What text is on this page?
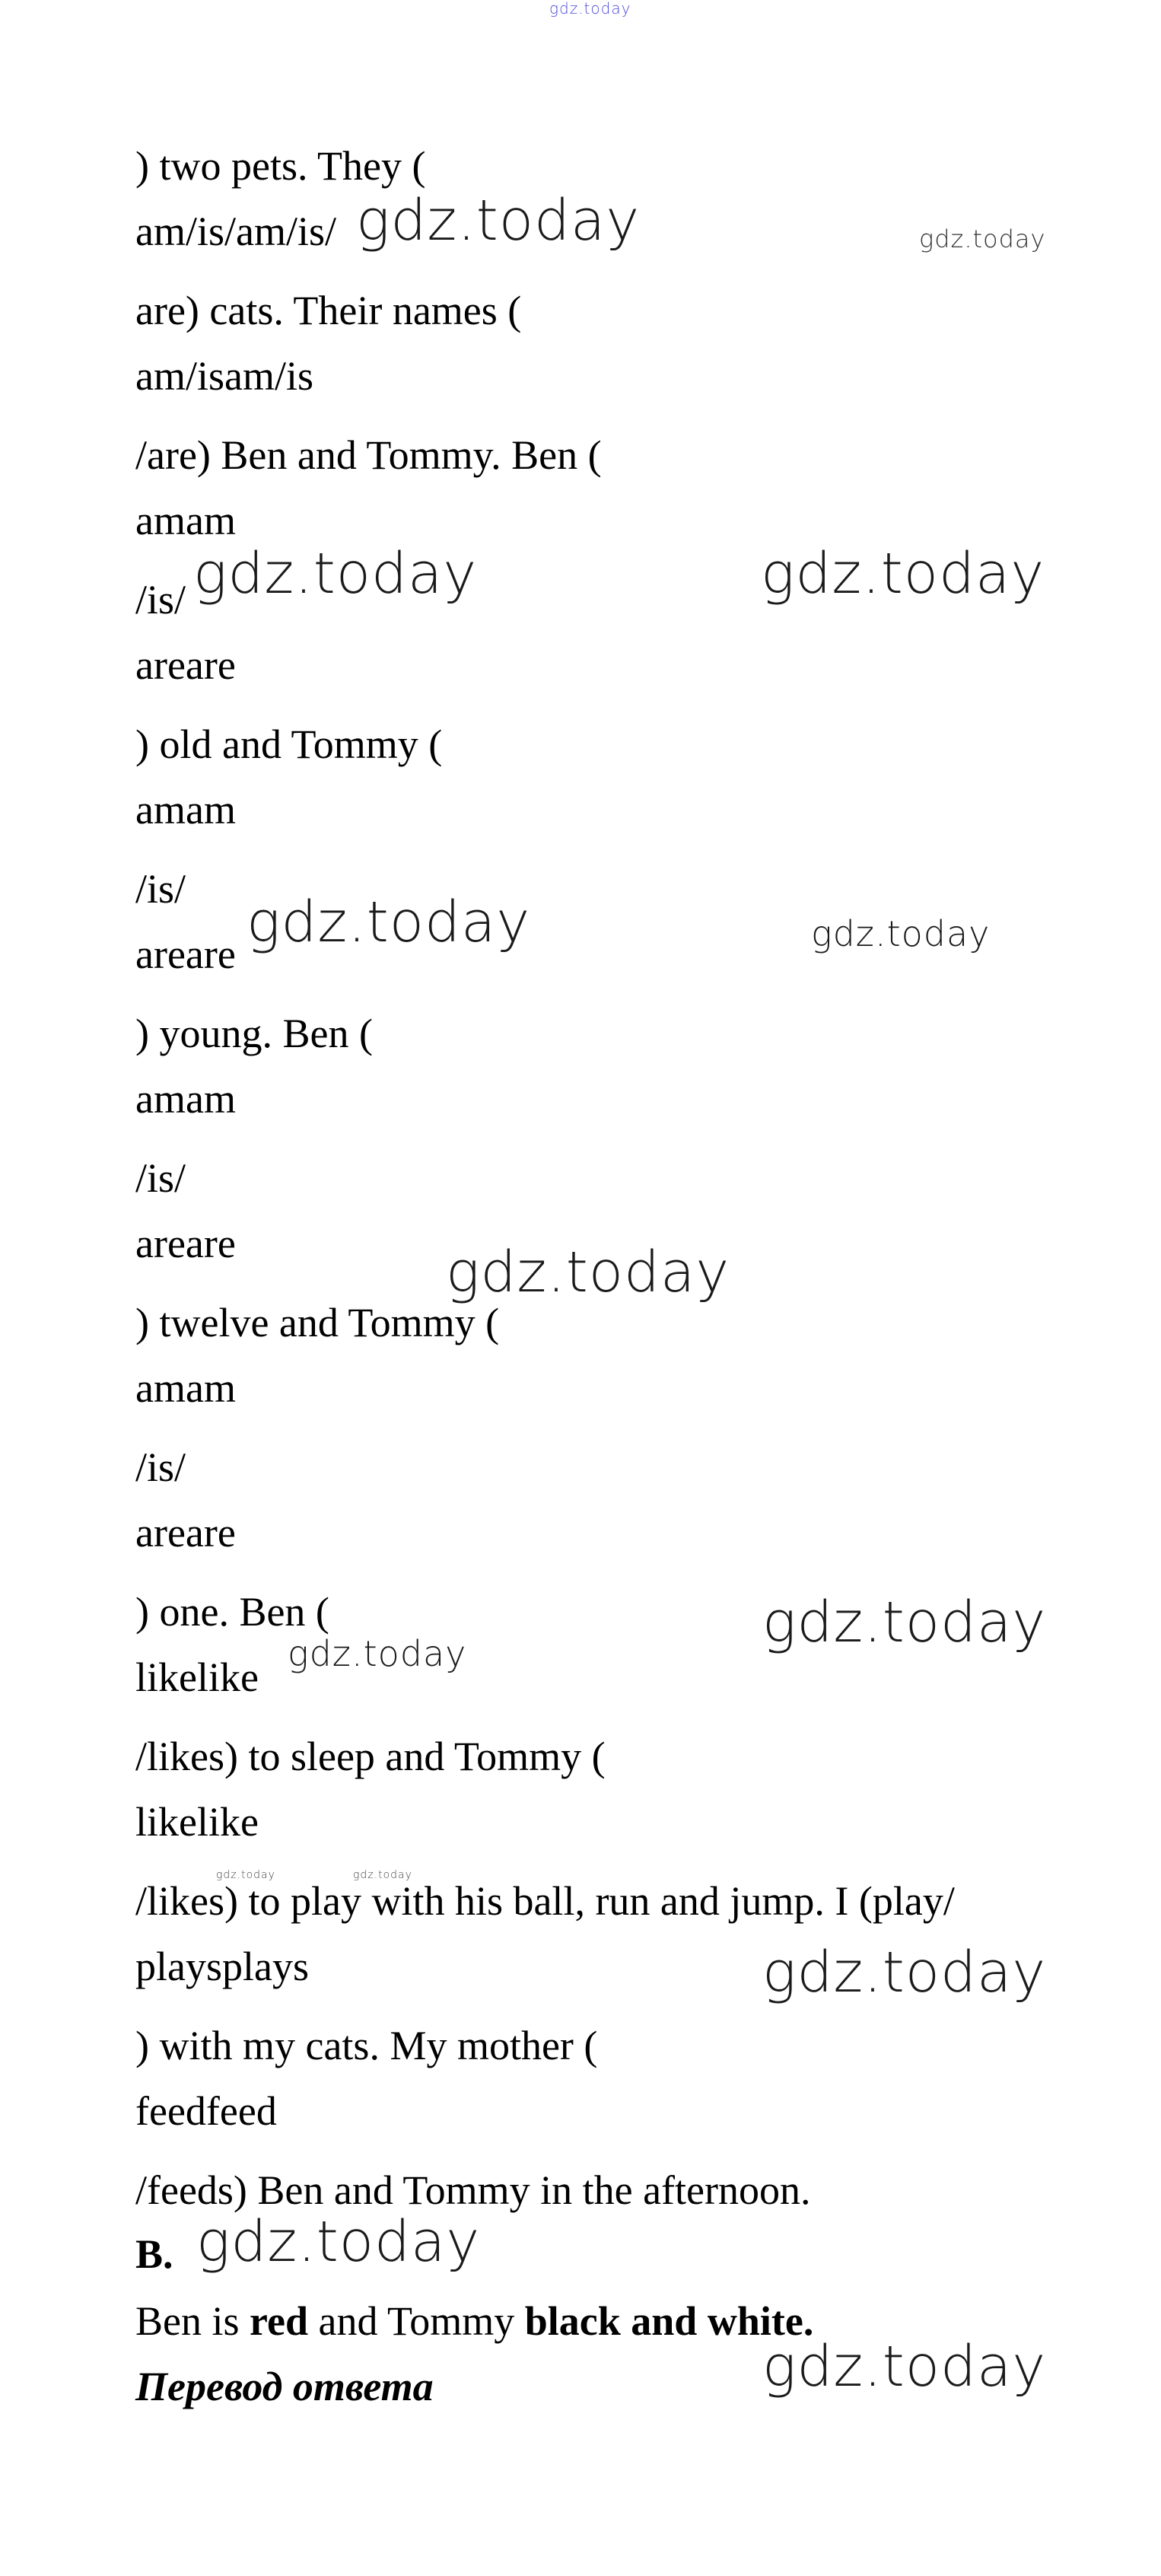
gdz.today
) two pets. They (
am/is/am/is/
are) cats. Their names (
am/isam/is
/are) Ben and Tommy. Ben (
amam
/is/
areare
) old and Tommy (
amam
/is/
areare
) young. Ben (
amam
/is/
areare
) twelve and Tommy (
amam
/is/
areare
) one. Ben (
likelike
/likes) to sleep and Tommy (
likelike
/likes) to play with his ball, run and jump. I (play/
playsplays
) with my cats. My mother (
feedfeed
/feeds) Ben and Tommy in the afternoon.
B.
Ben is red and Tommy black and white.
Перевод ответа
gdz.today	gdz.today
gdz.today	gdz.today
gdz.today	gdz.today
gdz.today
gdz.today
gdz.today
gdz.today	gdz.today
gdz.today
gdz.today
gdz.today
